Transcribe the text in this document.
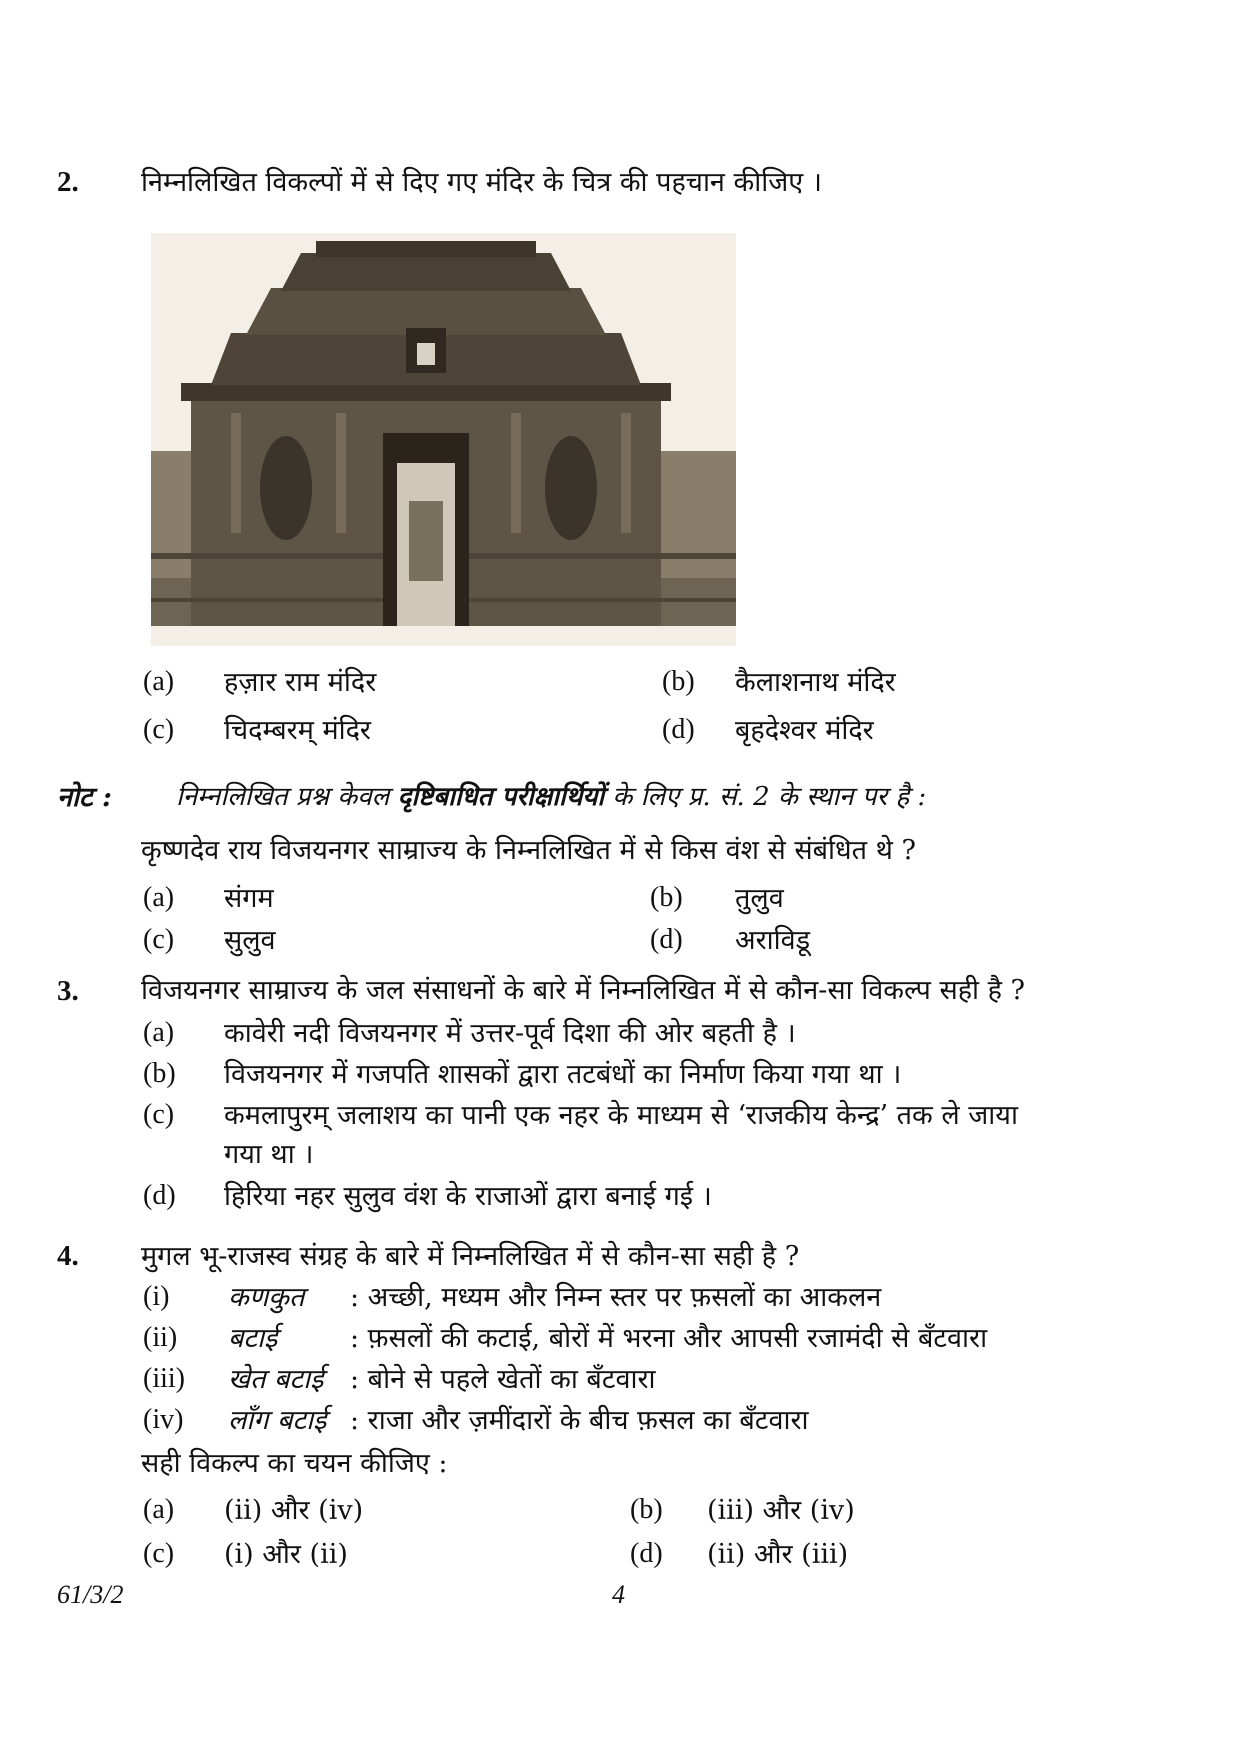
2. निम्नलिखित विकल्पों में से दिए गए मंदिर के चित्र की पहचान कीजिए ।
(a) हज़ार राम मंदिर	(b) कैलाशनाथ मंदिर
(c) चिदम्बरम् मंदिर	(d) बृहदेश्वर मंदिर
नोट : निम्नलिखित प्रश्न केवल दृष्टिबाधित परीक्षार्थियों के लिए प्र. सं. 2 के स्थान पर है :
कृष्णदेव राय विजयनगर साम्राज्य के निम्नलिखित में से किस वंश से संबंधित थे ?
(a) संगम	(b) तुलुव
(c) सुलुव	(d) अराविडू
3. विजयनगर साम्राज्य के जल संसाधनों के बारे में निम्नलिखित में से कौन-सा विकल्प सही है ?
(a) कावेरी नदी विजयनगर में उत्तर-पूर्व दिशा की ओर बहती है ।
(b) विजयनगर में गजपति शासकों द्वारा तटबंधों का निर्माण किया गया था ।
(c) कमलापुरम् जलाशय का पानी एक नहर के माध्यम से ‘राजकीय केन्द्र’ तक ले जाया
गया था ।
(d) हिरिया नहर सुलुव वंश के राजाओं द्वारा बनाई गई ।
4. मुगल भू-राजस्व संग्रह के बारे में निम्नलिखित में से कौन-सा सही है ?
(i) कणकुत : अच्छी, मध्यम और निम्न स्तर पर फ़सलों का आकलन
(ii) बटाई	: फ़सलों की कटाई, बोरों में भरना और आपसी रजामंदी से बँटवारा
(iii) खेत बटाई : बोने से पहले खेतों का बँटवारा
(iv) लाँग बटाई : राजा और ज़मींदारों के बीच फ़सल का बँटवारा
सही विकल्प का चयन कीजिए :
(a) (ii) और (iv)	(b) (iii) और (iv)
(c) (i) और (ii)	(d) (ii) और (iii)
61/3/2	4
